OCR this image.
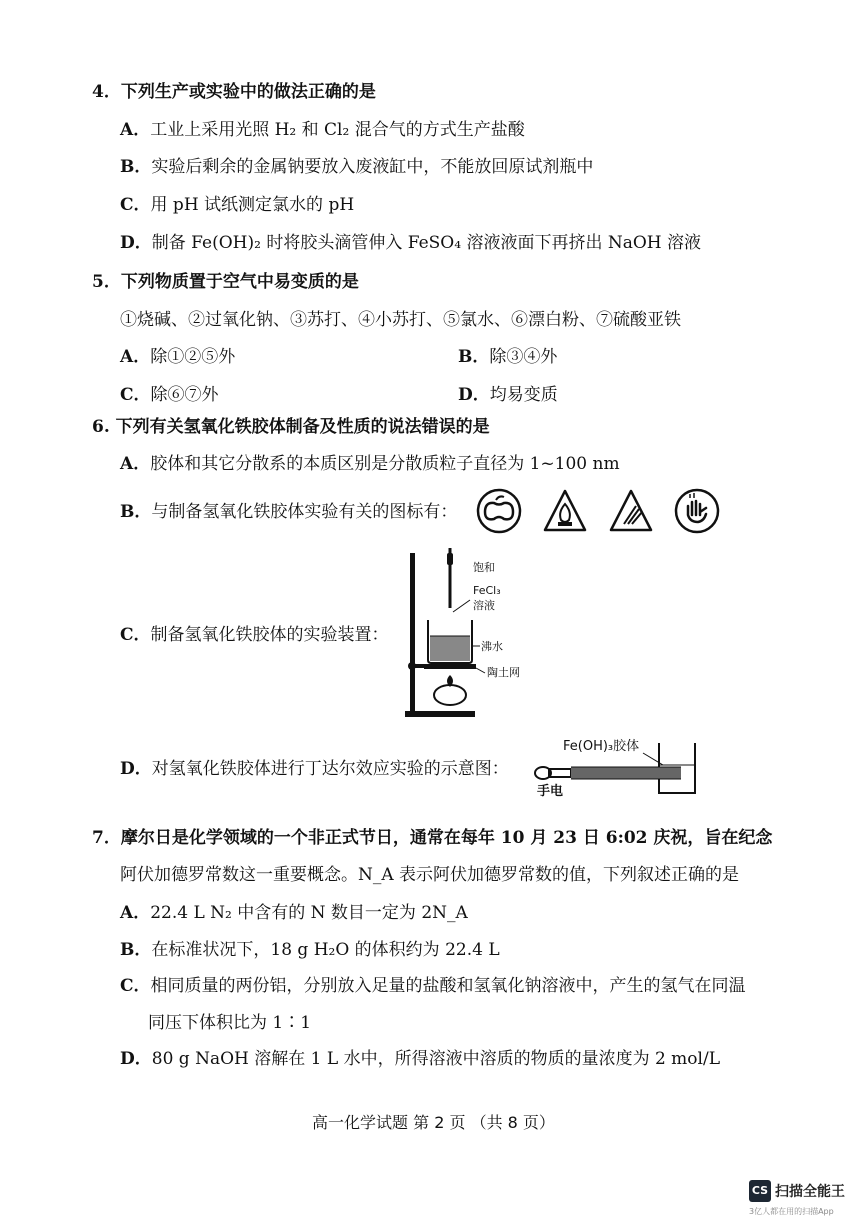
4．下列生产或实验中的做法正确的是
A．工业上采用光照 H₂ 和 Cl₂ 混合气的方式生产盐酸
B．实验后剩余的金属钠要放入废液缸中，不能放回原试剂瓶中
C．用 pH 试纸测定氯水的 pH
D．制备 Fe(OH)₂ 时将胶头滴管伸入 FeSO₄ 溶液液面下再挤出 NaOH 溶液
5．下列物质置于空气中易变质的是
①烧碱、②过氧化钠、③苏打、④小苏打、⑤氯水、⑥漂白粉、⑦硫酸亚铁
A．除①②⑤外	B．除③④外
C．除⑥⑦外	D．均易变质
6. 下列有关氢氧化铁胶体制备及性质的说法错误的是
A．胶体和其它分散系的本质区别是分散质粒子直径为 1~100 nm
B．与制备氢氧化铁胶体实验有关的图标有：
C．制备氢氧化铁胶体的实验装置：
饱和
FeCl₃
溶液
沸水
陶土网
D．对氢氧化铁胶体进行丁达尔效应实验的示意图：
Fe(OH)₃胶体
手电
7．摩尔日是化学领域的一个非正式节日，通常在每年 10 月 23 日 6:02 庆祝，旨在纪念
阿伏加德罗常数这一重要概念。N_A 表示阿伏加德罗常数的值，下列叙述正确的是
A．22.4 L N₂ 中含有的 N 数目一定为 2N_A
B．在标准状况下，18 g H₂O 的体积约为 22.4 L
C．相同质量的两份铝，分别放入足量的盐酸和氢氧化钠溶液中，产生的氢气在同温
同压下体积比为 1∶1
D．80 g NaOH 溶解在 1 L 水中，所得溶液中溶质的物质的量浓度为 2 mol/L
高一化学试题 第 2 页 （共 8 页）
CS 扫描全能王
3亿人都在用的扫描App
